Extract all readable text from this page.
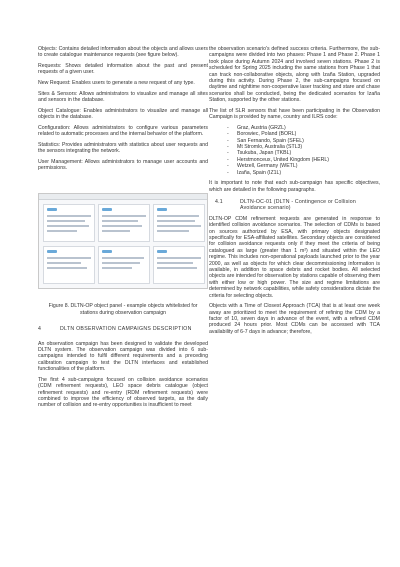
Objects: Contains detailed information about the objects and allows users to create catalogue maintenance requests (see figure below).

Requests: Shows detailed information about the past and present requests of a given user.

New Request: Enables users to generate a new request of any type.

Sites & Sensors: Allows administrators to visualize and manage all sites and sensors in the database.

Object Catalogue: Enables administrators to visualize and manage all objects in the database.

Configuration: Allows administrators to configure various parameters related to automatic processes and the internal behavior of the platform.

Statistics: Provides administrators with statistics about user requests and the sensors integrating the network.

User Management: Allows administrators to manage user accounts and permissions.

Figure 8. DLTN-OP object panel - example objects whitelisted for stations during observation campaign

4	DLTN OBSERVATION CAMPAIGNS DESCRIPTION

An observation campaign has been designed to validate the developed DLTN system. The observation campaign was divided into 6 sub-campaigns intended to fulfil different requirements and a preceding calibration campaign to test the DLTN interfaces and established functionalities of the platform.

The first 4 sub-campaigns focused on collision avoidance scenarios (CDM refinement requests), LEO space debris catalogue (object refinement requests) and re-entry (RDM refinement requests) were combined to improve the efficiency of observed targets, as the daily number of collision and re-entry opportunities is insufficient to meet

the observation scenario's defined success criteria. Furthermore, the sub-campaigns were divided into two phases: Phase 1 and Phase 2. Phase 1 took place during Autumn 2024 and involved seven stations. Phase 2 is scheduled for Spring 2025 including the same stations from Phase 1 that can track non-collaborative objects, along with Izaña Station, upgraded during this activity. During Phase 2, the sub-campaigns focused on daytime and nighttime non-cooperative laser tracking and stare and chase scenarios shall be conducted, being the dedicated scenarios for Izaña Station, supported by the other stations.

The list of SLR sensors that have been participating in the Observation Campaign is provided by name, country and ILRS code:

-	Graz, Austria (GRZL)
-	Borowiec, Poland (BORL)
-	San Fernando, Spain (SFEL)
-	Mt Stromlo, Australia (STL3)
-	Tsukuba, Japan (TKBL)
-	Herstmonceux, United Kingdom (HERL)
-	Wetzell, Germany (WETL)
-	Izaña, Spain (IZ1L)

It is important to note that each sub-campaign has specific objectives, which are detailed in the following paragraphs.

4.1	DLTN-OC-01 (DLTN - Contingence or Collision Avoidance scenario)

DLTN-OP CDM refinement requests are generated in response to identified collision avoidance scenarios. The selection of CDMs is based on sources authorized by ESA, with primary objects designated specifically for ESA-affiliated satellites. Secondary objects are considered for collision avoidance requests only if they meet the criteria of being catalogued as large (greater than 1 m²) and situated within the LEO regime. This includes non-operational payloads launched prior to the year 2000, as well as objects for which clear decommissioning information is available, in addition to space debris and rocket bodies. All selected objects are intended for observation by stations capable of observing them with either low or high power. The size and regime limitations are determined by network capabilities, while safety considerations dictate the criteria for selecting objects.

Objects with a Time of Closest Approach (TCA) that is at least one week away are prioritized to meet the requirement of refining the CDM by a factor of 10, seven days in advance of the event, with a refined CDM produced 24 hours prior. Most CDMs can be accessed with TCA availability of 6-7 days in advance; therefore,
